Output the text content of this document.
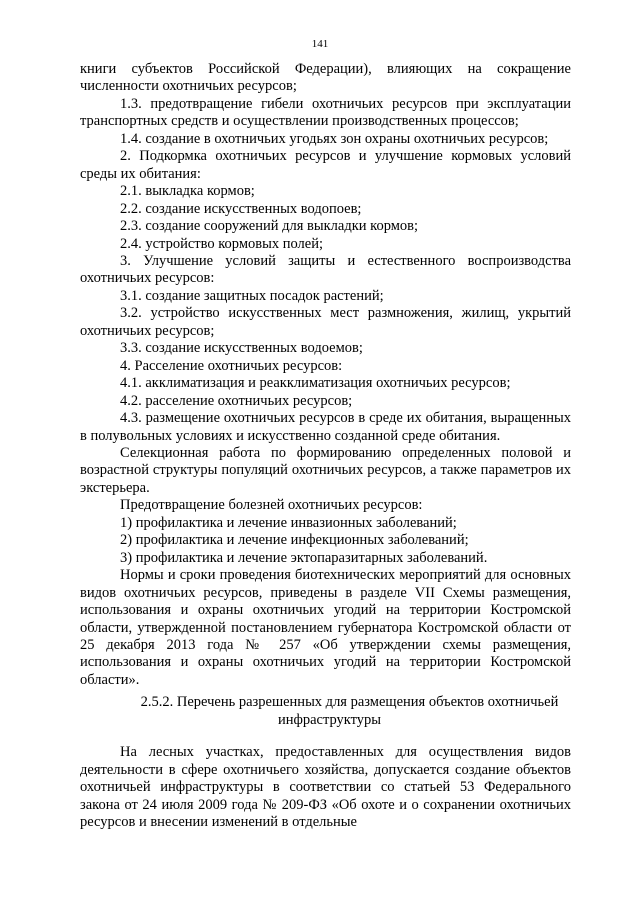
141

книги субъектов Российской Федерации), влияющих на сокращение численности охотничьих ресурсов;

1.3. предотвращение гибели охотничьих ресурсов при эксплуатации транспортных средств и осуществлении производственных процессов;

1.4. создание в охотничьих угодьях зон охраны охотничьих ресурсов;

2. Подкормка охотничьих ресурсов и улучшение кормовых условий среды их обитания:

2.1. выкладка кормов;

2.2. создание искусственных водопоев;

2.3. создание сооружений для выкладки кормов;

2.4. устройство кормовых полей;

3. Улучшение условий защиты и естественного воспроизводства охотничьих ресурсов:

3.1. создание защитных посадок растений;

3.2. устройство искусственных мест размножения, жилищ, укрытий охотничьих ресурсов;

3.3. создание искусственных водоемов;

4. Расселение охотничьих ресурсов:

4.1. акклиматизация и реакклиматизация охотничьих ресурсов;

4.2. расселение охотничьих ресурсов;

4.3. размещение охотничьих ресурсов в среде их обитания, выращенных в полувольных условиях и искусственно созданной среде обитания.

Селекционная работа по формированию определенных половой и возрастной структуры популяций охотничьих ресурсов, а также параметров их экстерьера.

Предотвращение болезней охотничьих ресурсов:

1) профилактика и лечение инвазионных заболеваний;

2) профилактика и лечение инфекционных заболеваний;

3) профилактика и лечение эктопаразитарных заболеваний.

Нормы и сроки проведения биотехнических мероприятий для основных видов охотничьих ресурсов, приведены в разделе VII Схемы размещения, использования и охраны охотничьих угодий на территории Костромской области, утвержденной постановлением губернатора Костромской области от 25 декабря 2013 года № 257 «Об утверждении схемы размещения, использования и охраны охотничьих угодий на территории Костромской области».

2.5.2. Перечень разрешенных для размещения объектов охотничьей инфраструктуры

На лесных участках, предоставленных для осуществления видов деятельности в сфере охотничьего хозяйства, допускается создание объектов охотничьей инфраструктуры в соответствии со статьей 53 Федерального закона от 24 июля 2009 года № 209-ФЗ «Об охоте и о сохранении охотничьих ресурсов и внесении изменений в отдельные
